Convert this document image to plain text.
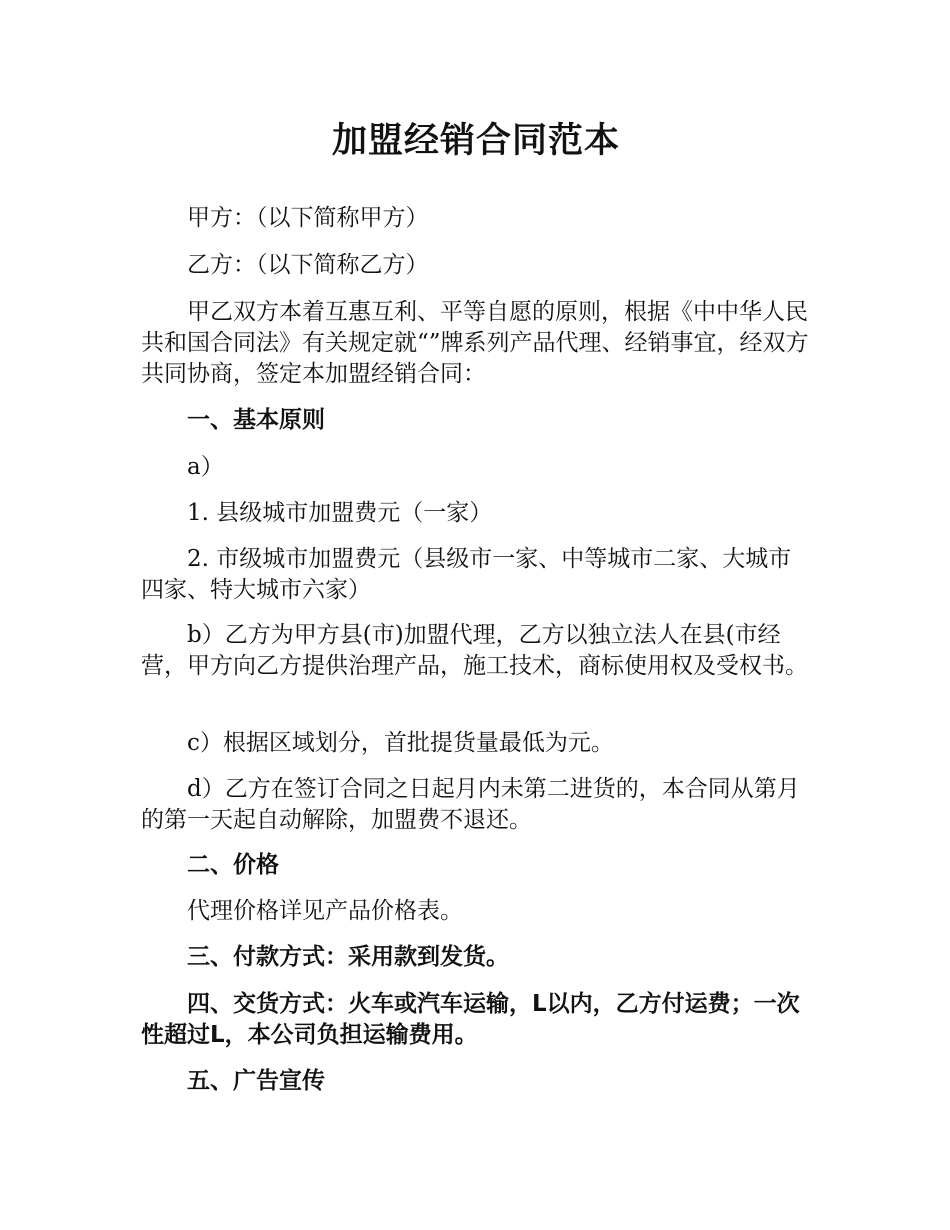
加盟经销合同范本

甲方：（以下简称甲方）

乙方：（以下简称乙方）

甲乙双方本着互惠互利、平等自愿的原则，根据《中中华人民共和国合同法》有关规定就“”牌系列产品代理、经销事宜，经双方共同协商，签定本加盟经销合同：

一、基本原则

a）

1. 县级城市加盟费元（一家）

2. 市级城市加盟费元（县级市一家、中等城市二家、大城市四家、特大城市六家）

b）乙方为甲方县(市)加盟代理，乙方以独立法人在县(市经营，甲方向乙方提供治理产品，施工技术，商标使用权及受权书。

c）根据区域划分，首批提货量最低为元。

d）乙方在签订合同之日起月内未第二进货的，本合同从第月的第一天起自动解除，加盟费不退还。

二、价格

代理价格详见产品价格表。

三、付款方式：采用款到发货。

四、交货方式：火车或汽车运输，L以内，乙方付运费；一次性超过L，本公司负担运输费用。

五、广告宣传
